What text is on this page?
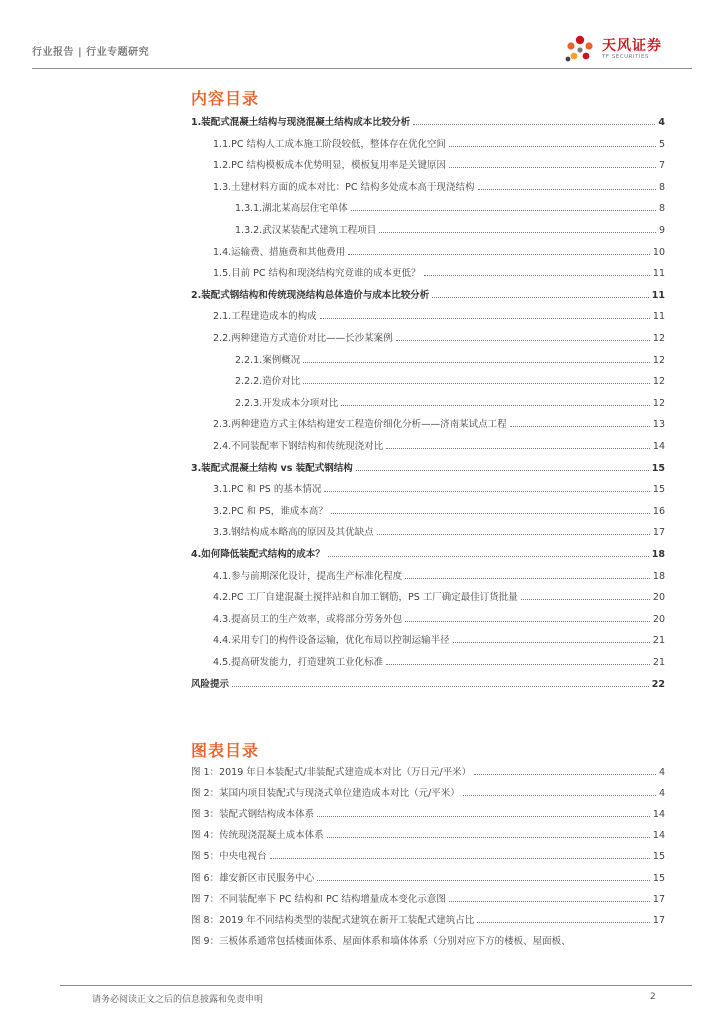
行业报告 | 行业专题研究	天风证券
TF SECURITIES
内容目录
1. 装配式混凝土结构与现浇混凝土结构成本比较分析	4
1.1. PC 结构人工成本施工阶段较低，整体存在优化空间	5
1.2. PC 结构模板成本优势明显，模板复用率是关键原因	7
1.3. 土建材料方面的成本对比：PC 结构多处成本高于现浇结构	8
1.3.1. 湖北某高层住宅单体	8
1.3.2. 武汉某装配式建筑工程项目	9
1.4. 运输费、措施费和其他费用	10
1.5. 目前 PC 结构和现浇结构究竟谁的成本更低？	11
2. 装配式钢结构和传统现浇结构总体造价与成本比较分析	11
2.1. 工程建造成本的构成	11
2.2. 两种建造方式造价对比——长沙某案例	12
2.2.1. 案例概况	12
2.2.2. 造价对比	12
2.2.3. 开发成本分项对比	12
2.3. 两种建造方式主体结构建安工程造价细化分析——济南某试点工程	13
2.4. 不同装配率下钢结构和传统现浇对比	14
3. 装配式混凝土结构 vs 装配式钢结构	15
3.1. PC 和 PS 的基本情况	15
3.2. PC 和 PS，谁成本高？	16
3.3. 钢结构成本略高的原因及其优缺点	17
4. 如何降低装配式结构的成本？	18
4.1. 参与前期深化设计，提高生产标准化程度	18
4.2. PC 工厂自建混凝土搅拌站和自加工钢筋，PS 工厂确定最佳订货批量	20
4.3. 提高员工的生产效率，或将部分劳务外包	20
4.4. 采用专门的构件设备运输，优化布局以控制运输半径	21
4.5. 提高研发能力，打造建筑工业化标准	21
风险提示	22
图表目录
图 1：2019 年日本装配式/非装配式建造成本对比（万日元/平米）	4
图 2：某国内项目装配式与现浇式单位建造成本对比（元/平米）	4
图 3：装配式钢结构成本体系	14
图 4：传统现浇混凝土成本体系	14
图 5：中央电视台	15
图 6：雄安新区市民服务中心	15
图 7：不同装配率下 PC 结构和 PC 结构增量成本变化示意图	17
图 8：2019 年不同结构类型的装配式建筑在新开工装配式建筑占比	17
图 9：三板体系通常包括楼面体系、屋面体系和墙体体系（分别对应下方的楼板、屋面板、
请务必阅读正文之后的信息披露和免责申明	2
